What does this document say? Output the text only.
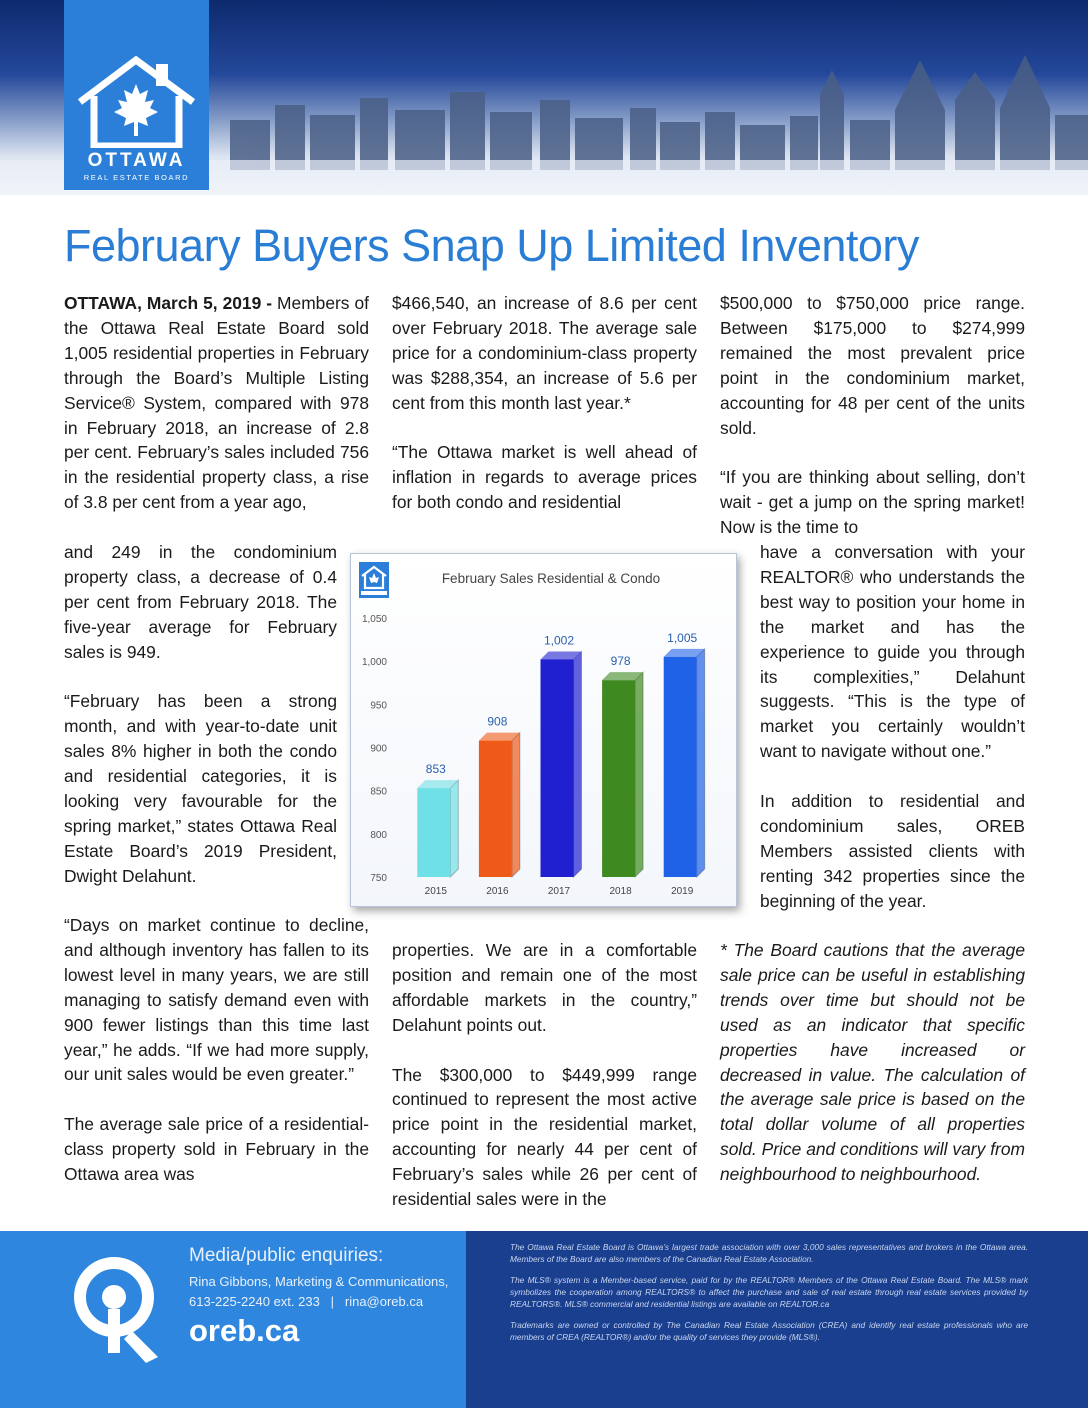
OTTAWA
REAL ESTATE BOARD
February Buyers Snap Up Limited Inventory

OTTAWA, March 5, 2019 - Members of the Ottawa Real Estate Board sold 1,005 residential properties in February through the Board’s Multiple Listing Service® System, compared with 978 in February 2018, an increase of 2.8 per cent. February’s sales included 756 in the residential property class, a rise of 3.8 per cent from a year ago,

and 249 in the condominium property class, a decrease of 0.4 per cent from February 2018. The five-year average for February sales is 949.

“February has been a strong month, and with year-to-date unit sales 8% higher in both the condo and residential categories, it is looking very favourable for the spring market,” states Ottawa Real Estate Board’s 2019 President, Dwight Delahunt.

“Days on market continue to decline, and although inventory has fallen to its lowest level in many years, we are still managing to satisfy demand even with 900 fewer listings than this time last year,” he adds. “If we had more supply, our unit sales would be even greater.”

The average sale price of a residential-class property sold in February in the Ottawa area was

$466,540, an increase of 8.6 per cent over February 2018. The average sale price for a condominium-class property was $288,354, an increase of 5.6 per cent from this month last year.*

“The Ottawa market is well ahead of inflation in regards to average prices for both condo and residential

properties. We are in a comfortable position and remain one of the most affordable markets in the country,” Delahunt points out.

The $300,000 to $449,999 range continued to represent the most active price point in the residential market, accounting for nearly 44 per cent of February’s sales while 26 per cent of residential sales were in the

$500,000 to $750,000 price range. Between $175,000 to $274,999 remained the most prevalent price point in the condominium market, accounting for 48 per cent of the units sold.

“If you are thinking about selling, don’t wait - get a jump on the spring market! Now is the time to

have a conversation with your REALTOR® who understands the best way to position your home in the market and has the experience to guide you through its complexities,” Delahunt suggests. “This is the type of market you certainly wouldn’t want to navigate without one.”

In addition to residential and condominium sales, OREB Members assisted clients with renting 342 properties since the beginning of the year.

* The Board cautions that the average sale price can be useful in establishing trends over time but should not be used as an indicator that specific properties have increased or decreased in value. The calculation of the average sale price is based on the total dollar volume of all properties sold. Price and conditions will vary from neighbourhood to neighbourhood.

February Sales Residential & Condo
750
800
850
900
950
1,000
1,050
2015	2016	2017	2018	2019
853
908
1,002
978
1,005
Media/public enquiries:
Rina Gibbons, Marketing & Communications,
613-225-2240 ext. 233   |   rina@oreb.ca
oreb.ca
The Ottawa Real Estate Board is Ottawa’s largest trade association with over 3,000 sales representatives and brokers in the Ottawa area. Members of the Board are also members of the Canadian Real Estate Association.
The MLS® system is a Member-based service, paid for by the REALTOR® Members of the Ottawa Real Estate Board. The MLS® mark symbolizes the cooperation among REALTORS® to affect the purchase and sale of real estate through real estate services provided by REALTORS®. MLS® commercial and residential listings are available on REALTOR.ca
Trademarks are owned or controlled by The Canadian Real Estate Association (CREA) and identify real estate professionals who are members of CREA (REALTOR®) and/or the quality of services they provide (MLS®).
